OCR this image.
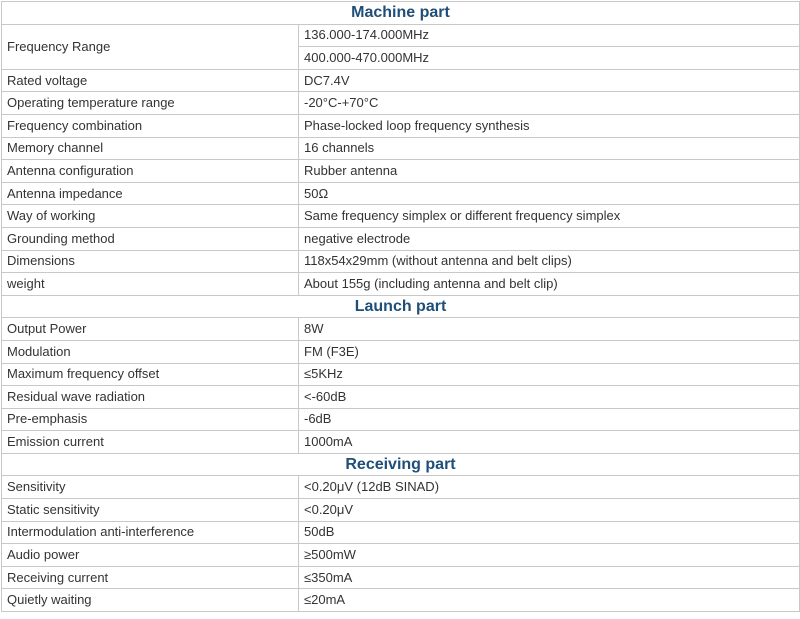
Machine part	
Frequency Range	136.000-174.000MHz
	400.000-470.000MHz
Rated voltage	DC7.4V
Operating temperature range	-20°C-+70°C
Frequency combination	Phase-locked loop frequency synthesis
Memory channel	16 channels
Antenna configuration	Rubber antenna
Antenna impedance	50Ω
Way of working	Same frequency simplex or different frequency simplex
Grounding method	negative electrode
Dimensions	118x54x29mm (without antenna and belt clips)
weight	About 155g (including antenna and belt clip)
Launch part	
Output Power	8W
Modulation	FM (F3E)
Maximum frequency offset	≤5KHz
Residual wave radiation	<-60dB
Pre-emphasis	-6dB
Emission current	1000mA
Receiving part	
Sensitivity	<0.20μV (12dB SINAD)
Static sensitivity	<0.20μV
Intermodulation anti-interference	50dB
Audio power	≥500mW
Receiving current	≤350mA
Quietly waiting	≤20mA
